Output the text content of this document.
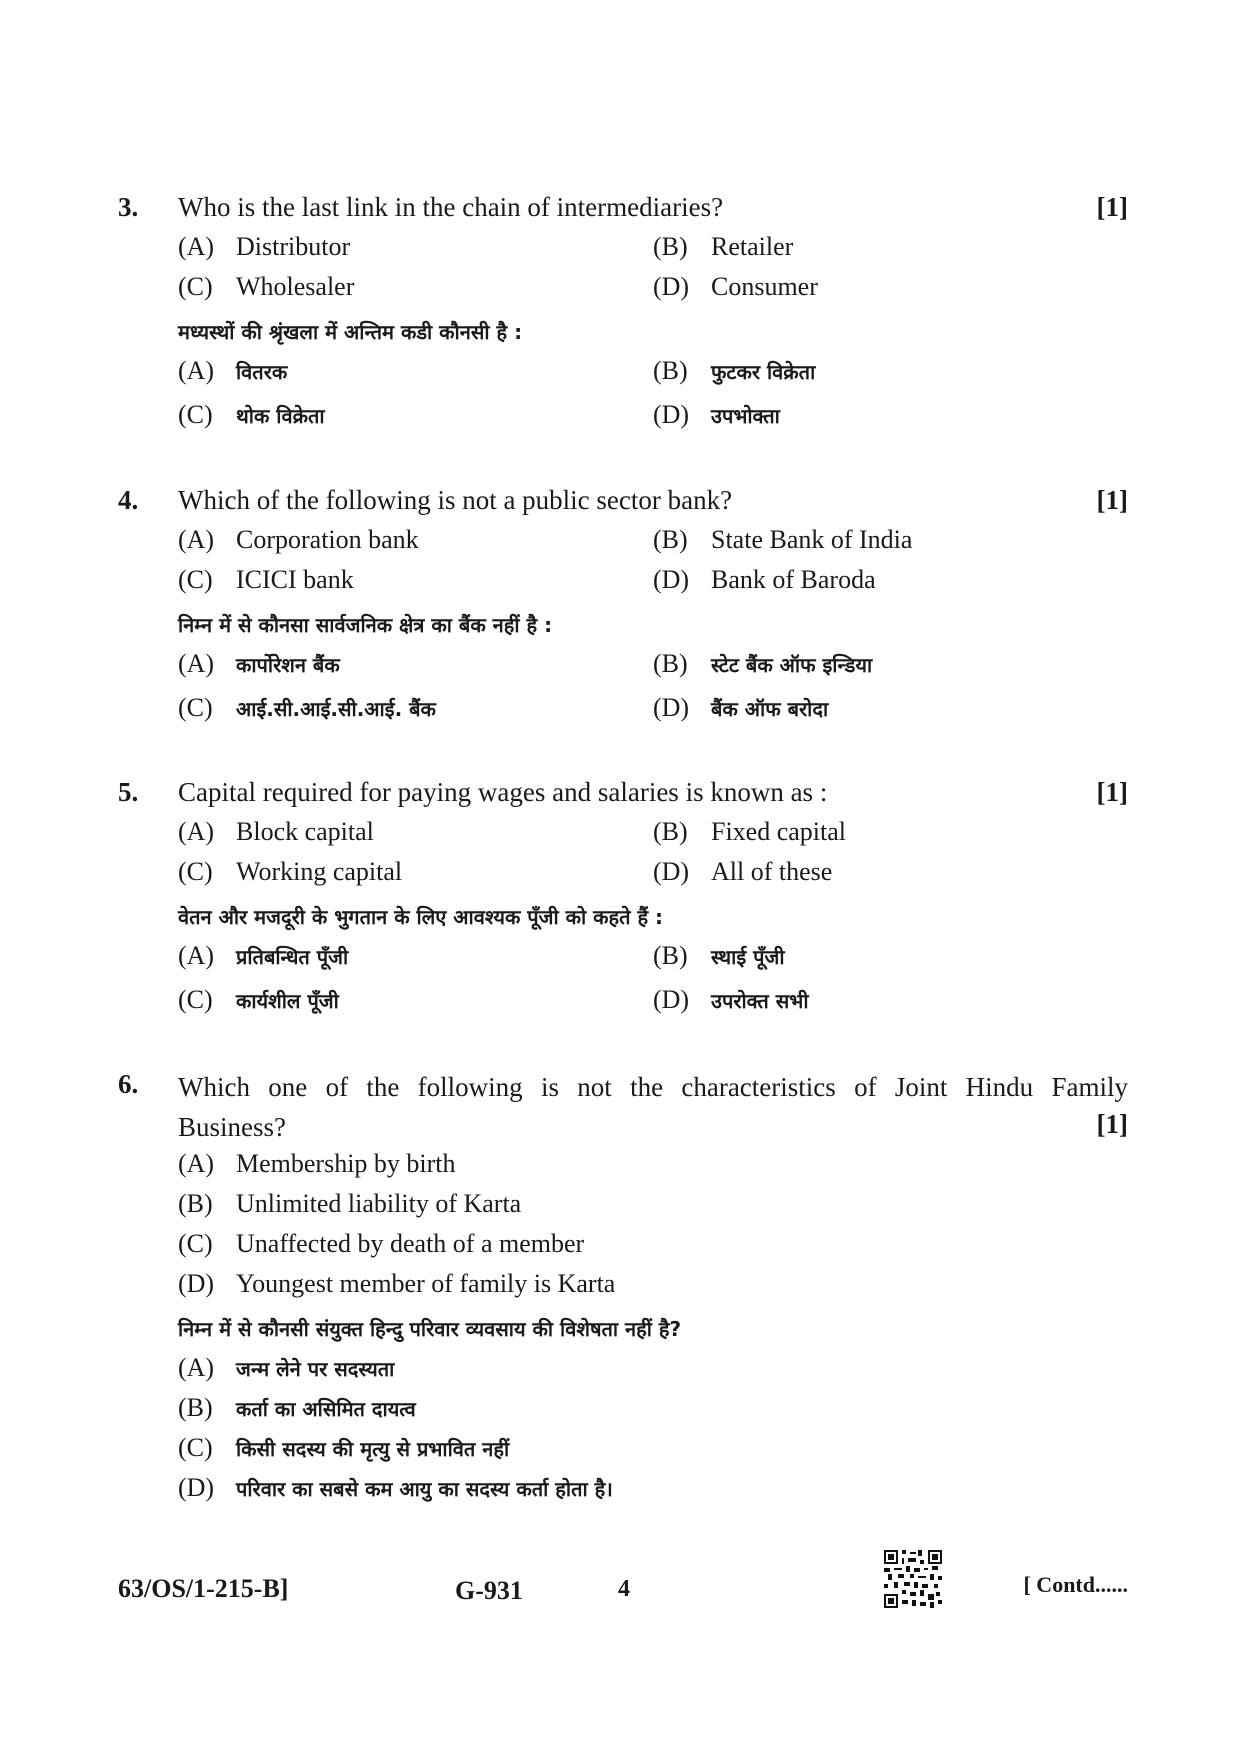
3. Who is the last link in the chain of intermediaries?	[1]
(A) Distributor	(B) Retailer
(C) Wholesaler	(D) Consumer
मध्यस्थों की श्रृंखला में अन्तिम कडी कौनसी है :
(A) वितरक	(B) फुटकर विक्रेता
(C) थोक विक्रेता	(D) उपभोक्ता
4. Which of the following is not a public sector bank?	[1]
(A) Corporation bank	(B) State Bank of India
(C) ICICI bank	(D) Bank of Baroda
निम्न में से कौनसा सार्वजनिक क्षेत्र का बैंक नहीं है :
(A) कार्पोरेशन बैंक	(B) स्टेट बैंक ऑफ इन्डिया
(C) आई.सी.आई.सी.आई. बैंक	(D) बैंक ऑफ बरोदा
5. Capital required for paying wages and salaries is known as :	[1]
(A) Block capital	(B) Fixed capital
(C) Working capital	(D) All of these
वेतन और मजदूरी के भुगतान के लिए आवश्यक पूँजी को कहते हैं :
(A) प्रतिबन्धित पूँजी	(B) स्थाई पूँजी
(C) कार्यशील पूँजी	(D) उपरोक्त सभी
6. Which one of the following is not the characteristics of Joint Hindu Family
Business?	[1]
(A) Membership by birth
(B) Unlimited liability of Karta
(C) Unaffected by death of a member
(D) Youngest member of family is Karta
निम्न में से कौनसी संयुक्त हिन्दु परिवार व्यवसाय की विशेषता नहीं है?
(A) जन्म लेने पर सदस्यता
(B) कर्ता का असिमित दायत्व
(C) किसी सदस्य की मृत्यु से प्रभावित नहीं
(D) परिवार का सबसे कम आयु का सदस्य कर्ता होता है।
63/OS/1-215-B]	G-931	4	[ Contd......
